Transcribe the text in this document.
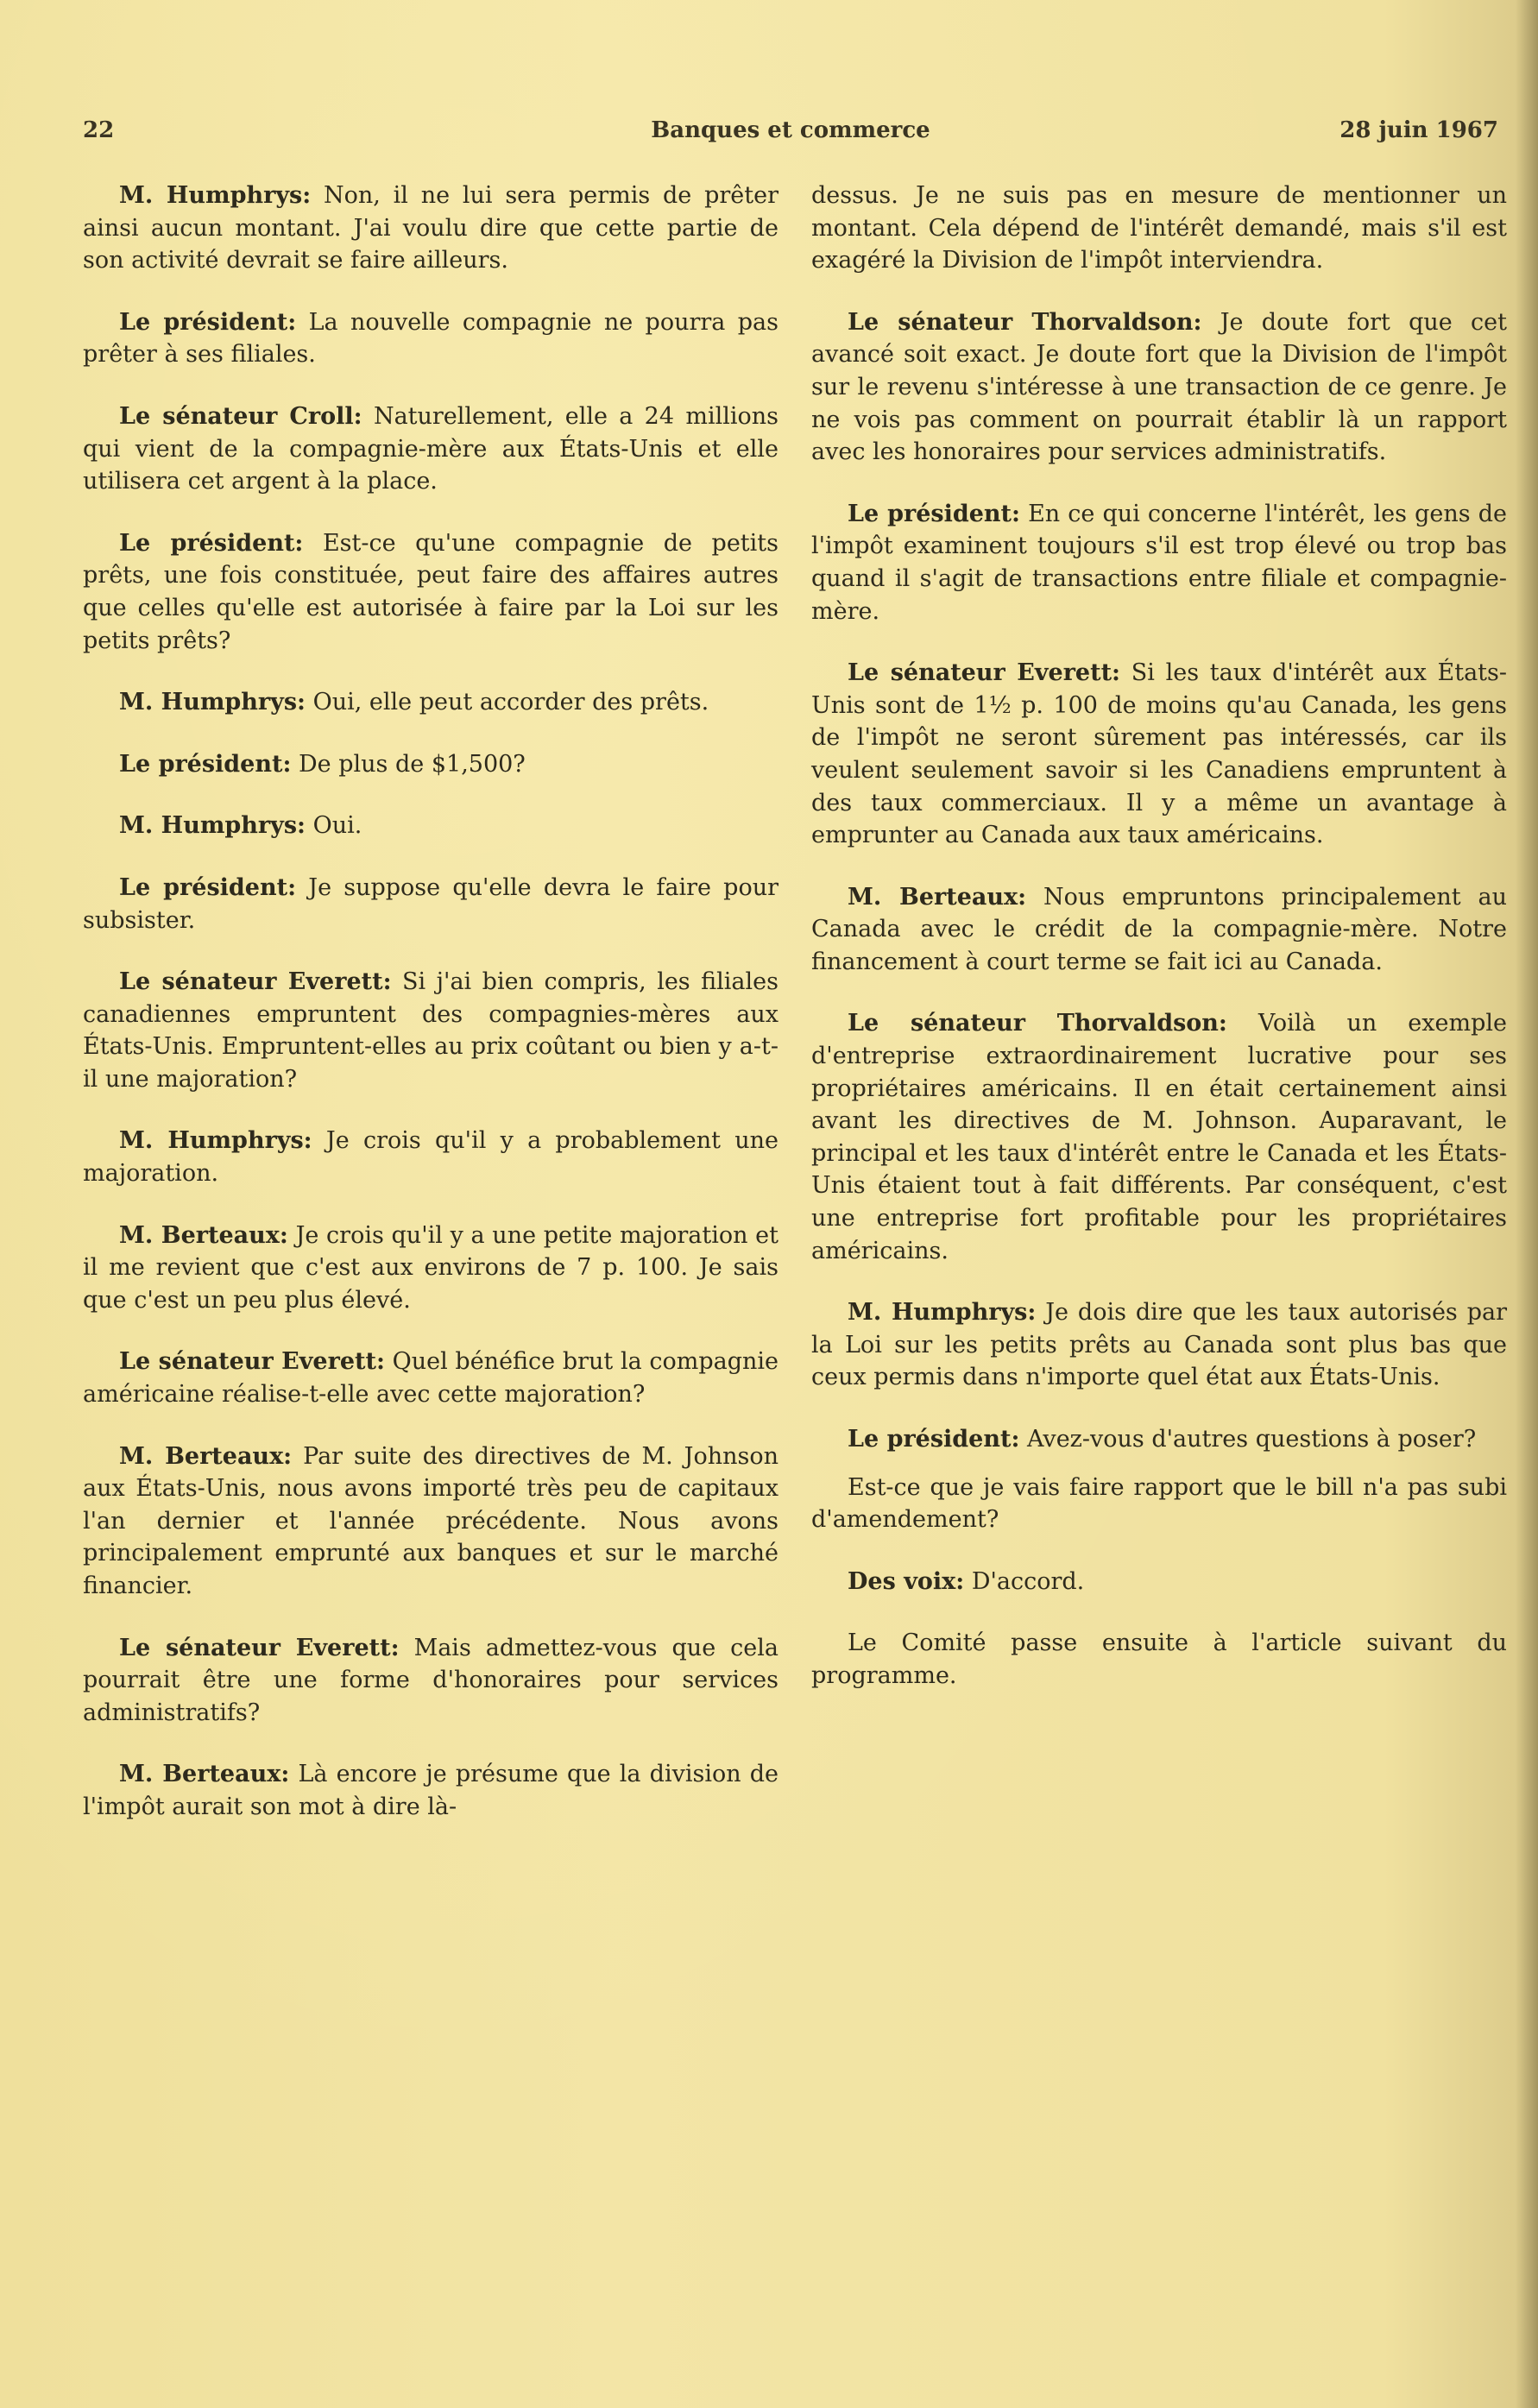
22	Banques et commerce	28 juin 1967

M. Humphrys: Non, il ne lui sera permis de prêter ainsi aucun montant. J'ai voulu dire que cette partie de son activité devrait se faire ailleurs.

Le président: La nouvelle compagnie ne pourra pas prêter à ses filiales.

Le sénateur Croll: Naturellement, elle a 24 millions qui vient de la compagnie-mère aux États-Unis et elle utilisera cet argent à la place.

Le président: Est-ce qu'une compagnie de petits prêts, une fois constituée, peut faire des affaires autres que celles qu'elle est autorisée à faire par la Loi sur les petits prêts?

M. Humphrys: Oui, elle peut accorder des prêts.

Le président: De plus de $1,500?

M. Humphrys: Oui.

Le président: Je suppose qu'elle devra le faire pour subsister.

Le sénateur Everett: Si j'ai bien compris, les filiales canadiennes empruntent des compagnies-mères aux États-Unis. Empruntent-elles au prix coûtant ou bien y a-t-il une majoration?

M. Humphrys: Je crois qu'il y a probablement une majoration.

M. Berteaux: Je crois qu'il y a une petite majoration et il me revient que c'est aux environs de 7 p. 100. Je sais que c'est un peu plus élevé.

Le sénateur Everett: Quel bénéfice brut la compagnie américaine réalise-t-elle avec cette majoration?

M. Berteaux: Par suite des directives de M. Johnson aux États-Unis, nous avons importé très peu de capitaux l'an dernier et l'année précédente. Nous avons principalement emprunté aux banques et sur le marché financier.

Le sénateur Everett: Mais admettez-vous que cela pourrait être une forme d'honoraires pour services administratifs?

M. Berteaux: Là encore je présume que la division de l'impôt aurait son mot à dire là-

dessus. Je ne suis pas en mesure de mentionner un montant. Cela dépend de l'intérêt demandé, mais s'il est exagéré la Division de l'impôt interviendra.

Le sénateur Thorvaldson: Je doute fort que cet avancé soit exact. Je doute fort que la Division de l'impôt sur le revenu s'intéresse à une transaction de ce genre. Je ne vois pas comment on pourrait établir là un rapport avec les honoraires pour services administratifs.

Le président: En ce qui concerne l'intérêt, les gens de l'impôt examinent toujours s'il est trop élevé ou trop bas quand il s'agit de transactions entre filiale et compagnie-mère.

Le sénateur Everett: Si les taux d'intérêt aux États-Unis sont de 1½ p. 100 de moins qu'au Canada, les gens de l'impôt ne seront sûrement pas intéressés, car ils veulent seulement savoir si les Canadiens empruntent à des taux commerciaux. Il y a même un avantage à emprunter au Canada aux taux américains.

M. Berteaux: Nous empruntons principalement au Canada avec le crédit de la compagnie-mère. Notre financement à court terme se fait ici au Canada.

Le sénateur Thorvaldson: Voilà un exemple d'entreprise extraordinairement lucrative pour ses propriétaires américains. Il en était certainement ainsi avant les directives de M. Johnson. Auparavant, le principal et les taux d'intérêt entre le Canada et les États-Unis étaient tout à fait différents. Par conséquent, c'est une entreprise fort profitable pour les propriétaires américains.

M. Humphrys: Je dois dire que les taux autorisés par la Loi sur les petits prêts au Canada sont plus bas que ceux permis dans n'importe quel état aux États-Unis.

Le président: Avez-vous d'autres questions à poser?

Est-ce que je vais faire rapport que le bill n'a pas subi d'amendement?

Des voix: D'accord.

Le Comité passe ensuite à l'article suivant du programme.
